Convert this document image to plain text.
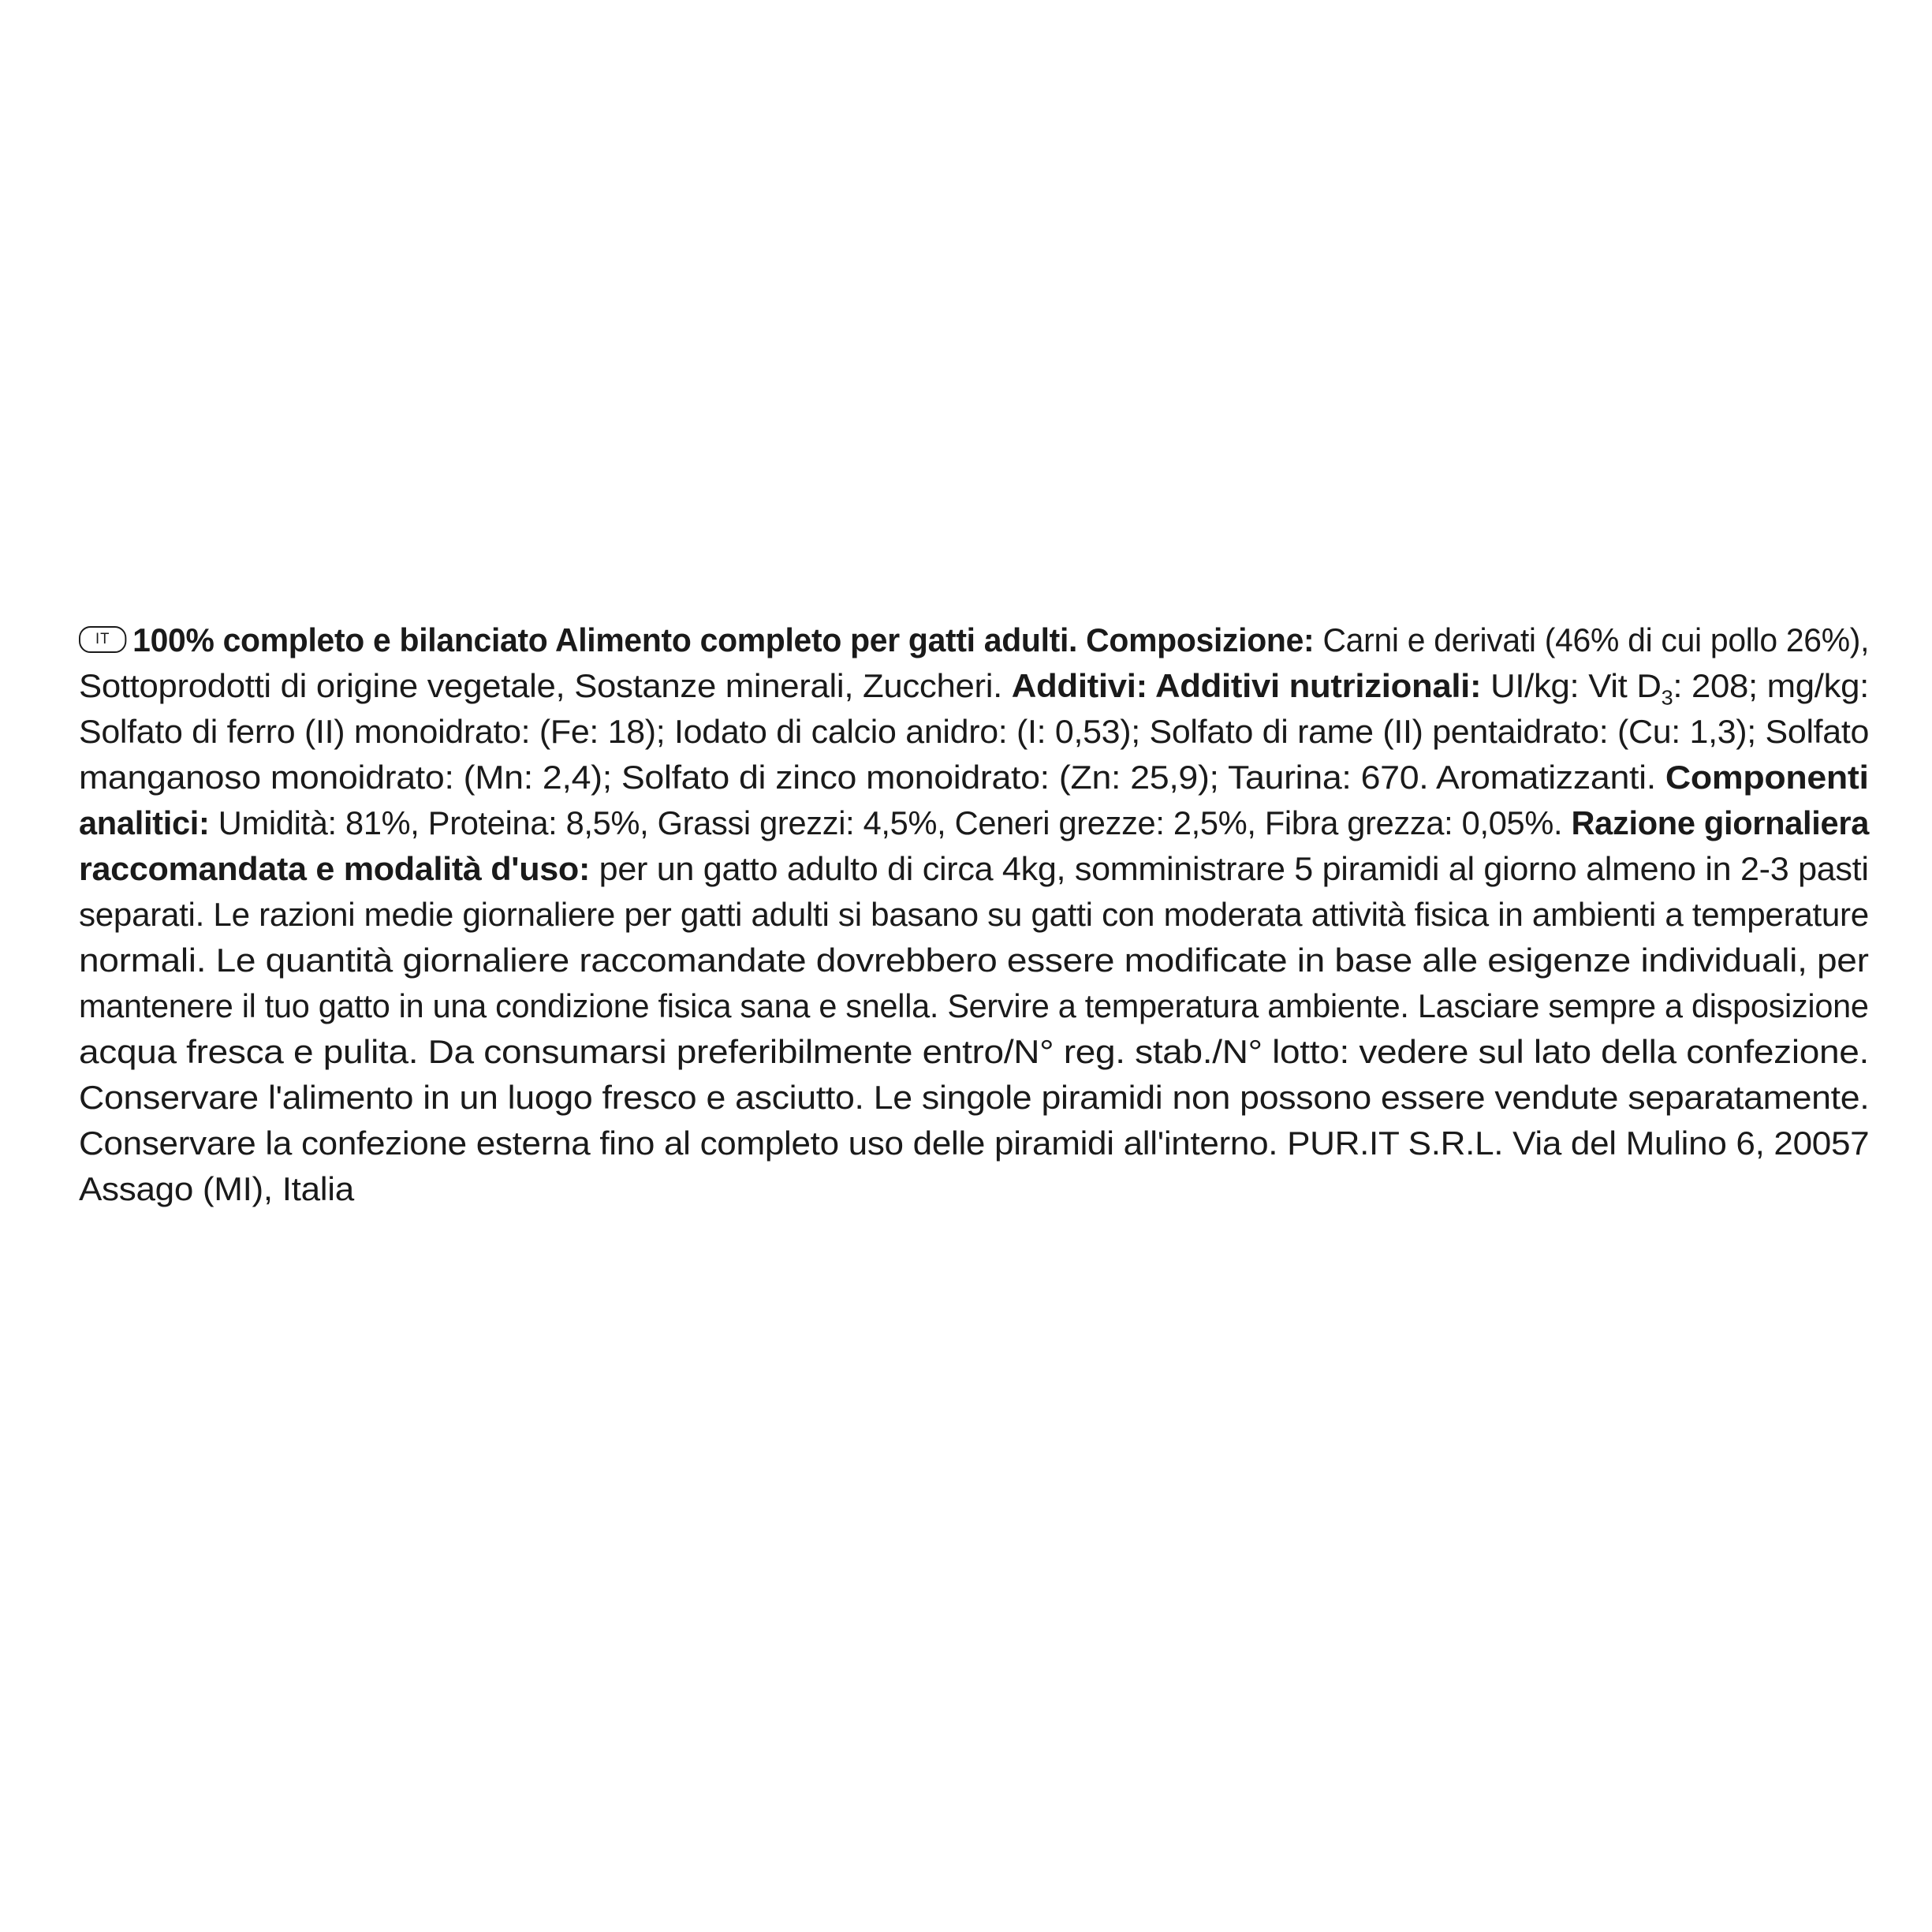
IT 100% completo e bilanciato Alimento completo per gatti adulti. Composizione: Carni e derivati (46% di cui pollo 26%),
Sottoprodotti di origine vegetale, Sostanze minerali, Zuccheri. Additivi: Additivi nutrizionali: UI/kg: Vit $D_3$: 208; mg/kg:
Solfato di ferro (II) monoidrato: (Fe: 18); Iodato di calcio anidro: (I: 0,53); Solfato di rame (II) pentaidrato: (Cu: 1,3); Solfato
manganoso monoidrato: (Mn: 2,4); Solfato di zinco monoidrato: (Zn: 25,9); Taurina: 670. Aromatizzanti. Componenti
analitici: Umidità: 81%, Proteina: 8,5%, Grassi grezzi: 4,5%, Ceneri grezze: 2,5%, Fibra grezza: 0,05%. Razione giornaliera
raccomandata e modalità d'uso: per un gatto adulto di circa 4kg, somministrare 5 piramidi al giorno almeno in 2-3 pasti
separati. Le razioni medie giornaliere per gatti adulti si basano su gatti con moderata attività fisica in ambienti a temperature
normali. Le quantità giornaliere raccomandate dovrebbero essere modificate in base alle esigenze individuali, per
mantenere il tuo gatto in una condizione fisica sana e snella. Servire a temperatura ambiente. Lasciare sempre a disposizione
acqua fresca e pulita. Da consumarsi preferibilmente entro/N° reg. stab./N° lotto: vedere sul lato della confezione.
Conservare l'alimento in un luogo fresco e asciutto. Le singole piramidi non possono essere vendute separatamente.
Conservare la confezione esterna fino al completo uso delle piramidi all'interno. PUR.IT S.R.L. Via del Mulino 6, 20057
Assago (MI), Italia
